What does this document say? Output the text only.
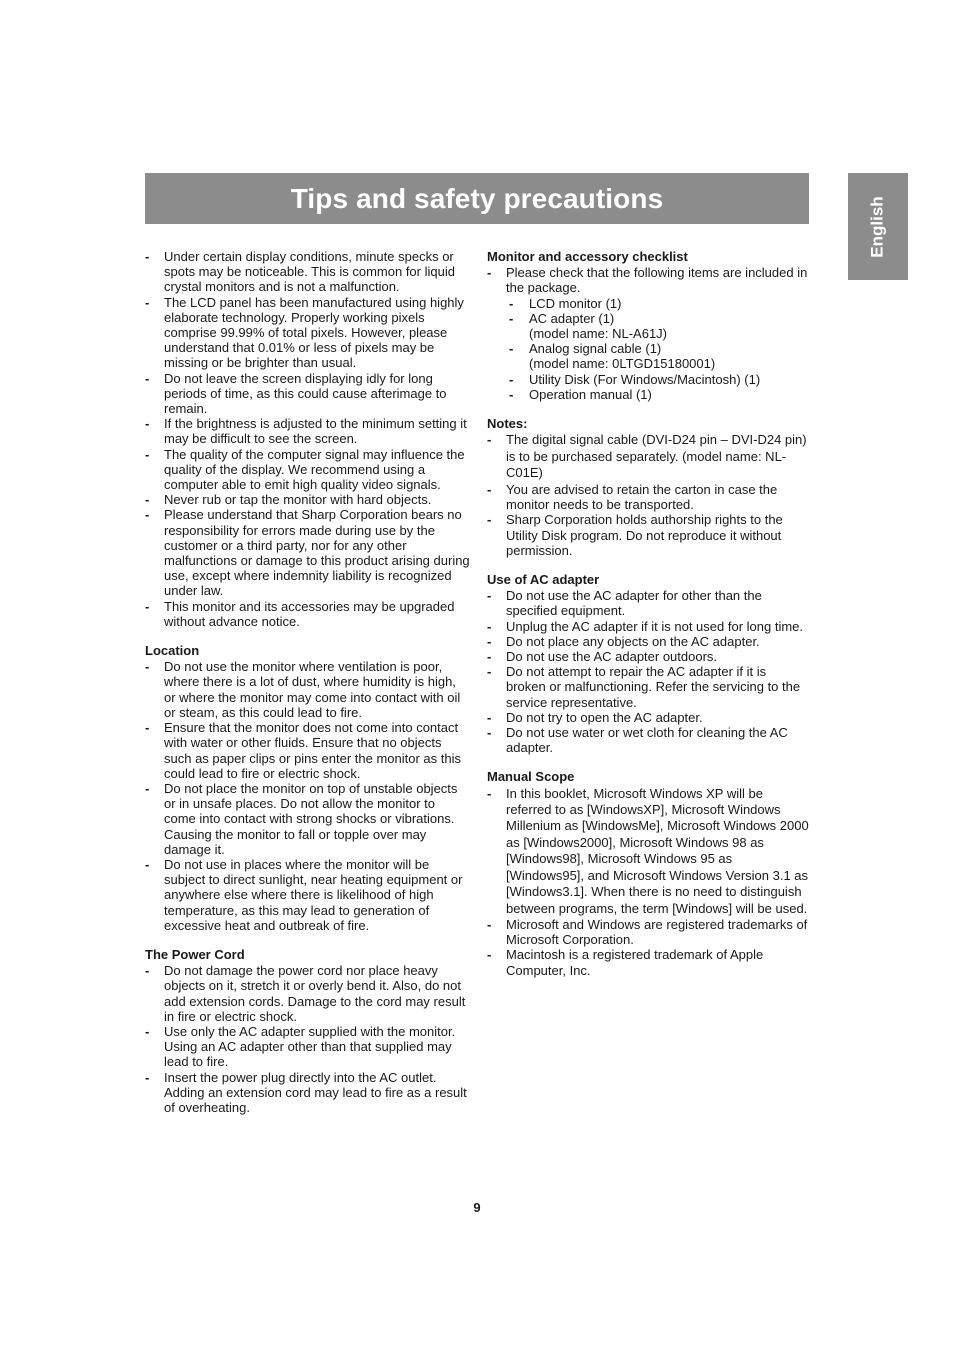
Tips and safety precautions	English
- Under certain display conditions, minute specks or spots may be noticeable. This is common for liquid crystal monitors and is not a malfunction.
- The LCD panel has been manufactured using highly elaborate technology. Properly working pixels comprise 99.99% of total pixels. However, please understand that 0.01% or less of pixels may be missing or be brighter than usual.
- Do not leave the screen displaying idly for long periods of time, as this could cause afterimage to remain.
- If the brightness is adjusted to the minimum setting it may be difficult to see the screen.
- The quality of the computer signal may influence the quality of the display. We recommend using a computer able to emit high quality video signals.
- Never rub or tap the monitor with hard objects.
- Please understand that Sharp Corporation bears no responsibility for errors made during use by the customer or a third party, nor for any other malfunctions or damage to this product arising during use, except where indemnity liability is recognized under law.
- This monitor and its accessories may be upgraded without advance notice.
Location
- Do not use the monitor where ventilation is poor, where there is a lot of dust, where humidity is high, or where the monitor may come into contact with oil or steam, as this could lead to fire.
- Ensure that the monitor does not come into contact with water or other fluids. Ensure that no objects such as paper clips or pins enter the monitor as this could lead to fire or electric shock.
- Do not place the monitor on top of unstable objects or in unsafe places. Do not allow the monitor to come into contact with strong shocks or vibrations. Causing the monitor to fall or topple over may damage it.
- Do not use in places where the monitor will be subject to direct sunlight, near heating equipment or anywhere else where there is likelihood of high temperature, as this may lead to generation of excessive heat and outbreak of fire.
The Power Cord
- Do not damage the power cord nor place heavy objects on it, stretch it or overly bend it. Also, do not add extension cords. Damage to the cord may result in fire or electric shock.
- Use only the AC adapter supplied with the monitor. Using an AC adapter other than that supplied may lead to fire.
- Insert the power plug directly into the AC outlet. Adding an extension cord may lead to fire as a result of overheating.
Monitor and accessory checklist
- Please check that the following items are included in the package.
- LCD monitor (1)
- AC adapter (1)
(model name: NL-A61J)
- Analog signal cable (1)
(model name: 0LTGD15180001)
- Utility Disk (For Windows/Macintosh) (1)
- Operation manual (1)
Notes:
- The digital signal cable (DVI-D24 pin – DVI-D24 pin) is to be purchased separately. (model name: NL-C01E)
- You are advised to retain the carton in case the monitor needs to be transported.
- Sharp Corporation holds authorship rights to the Utility Disk program. Do not reproduce it without permission.
Use of AC adapter
- Do not use the AC adapter for other than the specified equipment.
- Unplug the AC adapter if it is not used for long time.
- Do not place any objects on the AC adapter.
- Do not use the AC adapter outdoors.
- Do not attempt to repair the AC adapter if it is broken or malfunctioning. Refer the servicing to the service representative.
- Do not try to open the AC adapter.
- Do not use water or wet cloth for cleaning the AC adapter.
Manual Scope
- In this booklet, Microsoft Windows XP will be referred to as [WindowsXP], Microsoft Windows Millenium as [WindowsMe], Microsoft Windows 2000 as [Windows2000], Microsoft Windows 98 as [Windows98], Microsoft Windows 95 as [Windows95], and Microsoft Windows Version 3.1 as [Windows3.1]. When there is no need to distinguish between programs, the term [Windows] will be used.
- Microsoft and Windows are registered trademarks of Microsoft Corporation.
- Macintosh is a registered trademark of Apple Computer, Inc.
9
